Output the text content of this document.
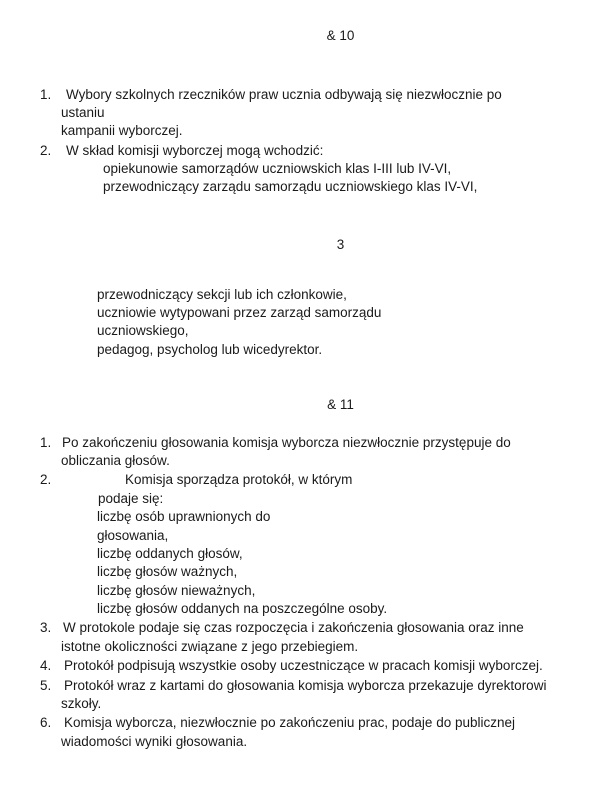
& 10
1. Wybory szkolnych rzeczników praw ucznia odbywają się niezwłocznie po
ustaniu
kampanii wyborczej.
2. W skład komisji wyborczej mogą wchodzić:
opiekunowie samorządów uczniowskich klas I-III lub IV-VI,
przewodniczący zarządu samorządu uczniowskiego klas IV-VI,
3
przewodniczący sekcji lub ich członkowie,
uczniowie wytypowani przez zarząd samorządu
uczniowskiego,
pedagog, psycholog lub wicedyrektor.
& 11
1. Po zakończeniu głosowania komisja wyborcza niezwłocznie przystępuje do
obliczania głosów.
2.	Komisja sporządza protokół, w którym
podaje się:
liczbę osób uprawnionych do
głosowania,
liczbę oddanych głosów,
liczbę głosów ważnych,
liczbę głosów nieważnych,
liczbę głosów oddanych na poszczególne osoby.
3. W protokole podaje się czas rozpoczęcia i zakończenia głosowania oraz inne
istotne okoliczności związane z jego przebiegiem.
4. Protokół podpisują wszystkie osoby uczestniczące w pracach komisji wyborczej.
5. Protokół wraz z kartami do głosowania komisja wyborcza przekazuje dyrektorowi
szkoły.
6. Komisja wyborcza, niezwłocznie po zakończeniu prac, podaje do publicznej
wiadomości wyniki głosowania.
